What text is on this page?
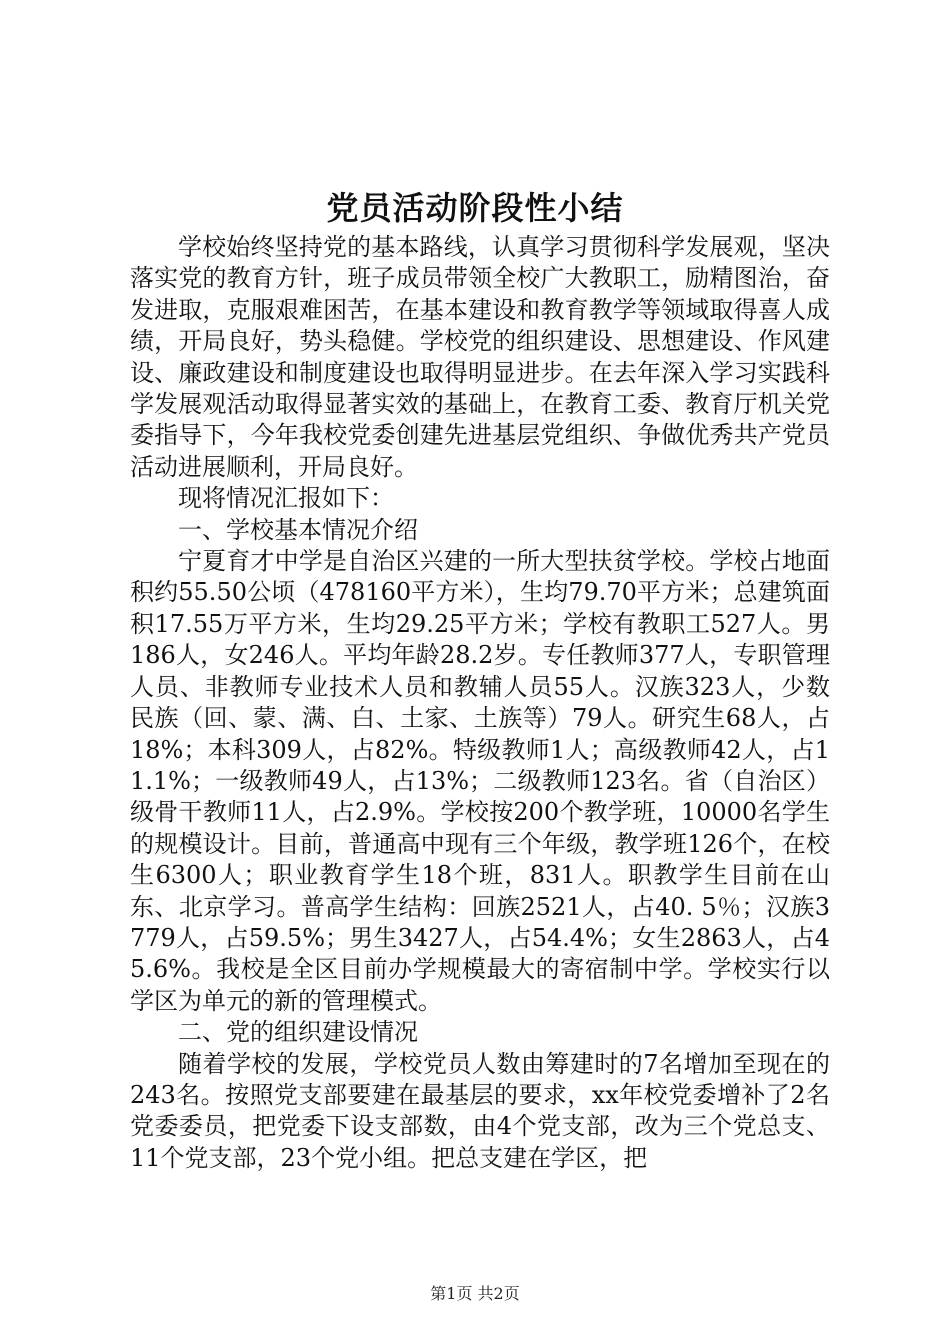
党员活动阶段性小结

学校始终坚持党的基本路线，认真学习贯彻科学发展观，坚决落实党的教育方针，班子成员带领全校广大教职工，励精图治，奋发进取，克服艰难困苦，在基本建设和教育教学等领域取得喜人成绩，开局良好，势头稳健。学校党的组织建设、思想建设、作风建设、廉政建设和制度建设也取得明显进步。在去年深入学习实践科学发展观活动取得显著实效的基础上，在教育工委、教育厅机关党委指导下，今年我校党委创建先进基层党组织、争做优秀共产党员活动进展顺利，开局良好。

现将情况汇报如下：

一、学校基本情况介绍

宁夏育才中学是自治区兴建的一所大型扶贫学校。学校占地面积约55.50公顷（478160平方米），生均79.70平方米；总建筑面积17.55万平方米，生均29.25平方米；学校有教职工527人。男186人，女246人。平均年龄28.2岁。专任教师377人，专职管理人员、非教师专业技术人员和教辅人员55人。汉族323人，少数民族（回、蒙、满、白、土家、土族等）79人。研究生68人，占18%；本科309人，占82%。特级教师1人；高级教师42人，占11.1%；一级教师49人，占13%；二级教师123名。省（自治区）级骨干教师11人，占2.9%。学校按200个教学班，10000名学生的规模设计。目前，普通高中现有三个年级，教学班126个，在校生6300人；职业教育学生18个班，831人。职教学生目前在山东、北京学习。普高学生结构：回族2521人，占40. 5％；汉族3779人，占59.5%；男生3427人，占54.4%；女生2863人，占45.6%。我校是全区目前办学规模最大的寄宿制中学。学校实行以学区为单元的新的管理模式。

二、党的组织建设情况

随着学校的发展，学校党员人数由筹建时的7名增加至现在的243名。按照党支部要建在最基层的要求，xx年校党委增补了2名党委委员，把党委下设支部数，由4个党支部，改为三个党总支、11个党支部，23个党小组。把总支建在学区，把

第1页 共2页
